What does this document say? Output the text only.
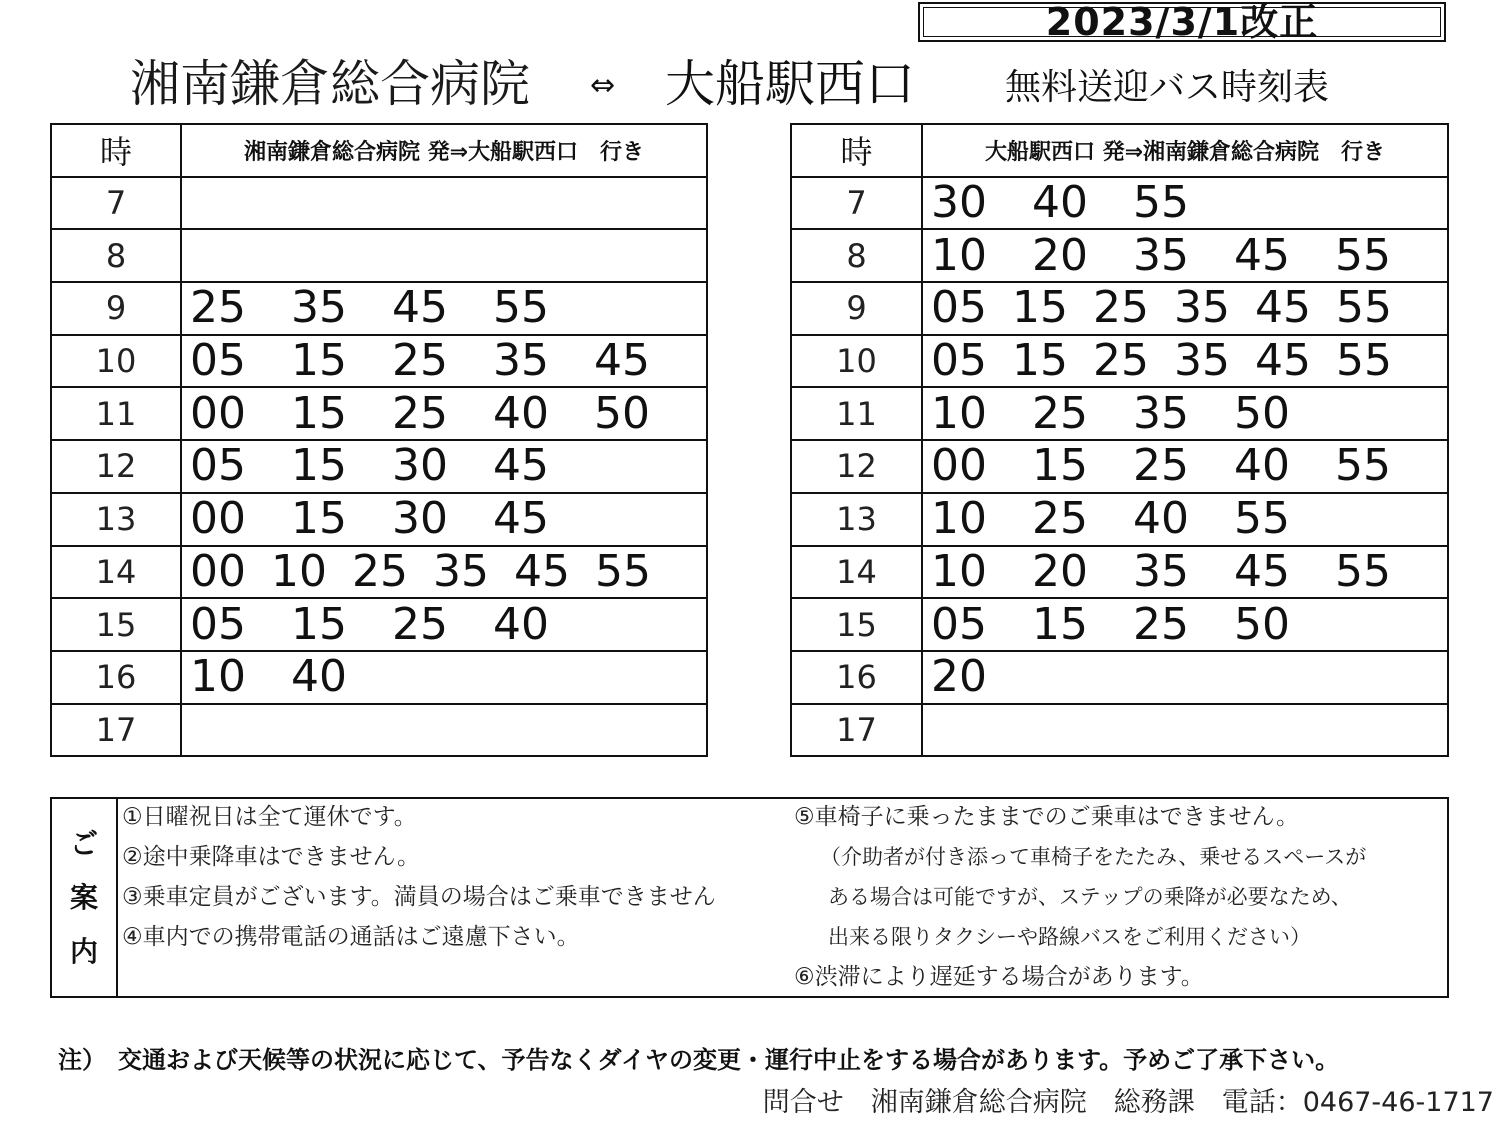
2023/3/1改正
湘南鎌倉総合病院 ⇔ 大船駅西口	無料送迎バス時刻表
時	湘南鎌倉総合病院 発⇒大船駅西口　行き
7	
8	
9	25 35 45 55
10	05 15 25 35 45
11	00 15 25 40 50
12	05 15 30 45
13	00 15 30 45
14	00 10 25 35 45 55
15	05 15 25 40
16	10 40
17	
時	大船駅西口 発⇒湘南鎌倉総合病院　行き
7	30 40 55
8	10 20 35 45 55
9	05 15 25 35 45 55
10	05 15 25 35 45 55
11	10 25 35 50
12	00 15 25 40 55
13	10 25 40 55
14	10 20 35 45 55
15	05 15 25 50
16	20
17	
ご
案
内
①日曜祝日は全て運休です。
②途中乗降車はできません。
③乗車定員がございます。満員の場合はご乗車できません
④車内での携帯電話の通話はご遠慮下さい。
⑤車椅子に乗ったままでのご乗車はできません。
（介助者が付き添って車椅子をたたみ、乗せるスペースが
ある場合は可能ですが、ステップの乗降が必要なため、
出来る限りタクシーや路線バスをご利用ください）
⑥渋滞により遅延する場合があります。
注）　交通および天候等の状況に応じて、予告なくダイヤの変更・運行中止をする場合があります。予めご了承下さい。
問合せ　湘南鎌倉総合病院　総務課　電話：0467-46-1717
